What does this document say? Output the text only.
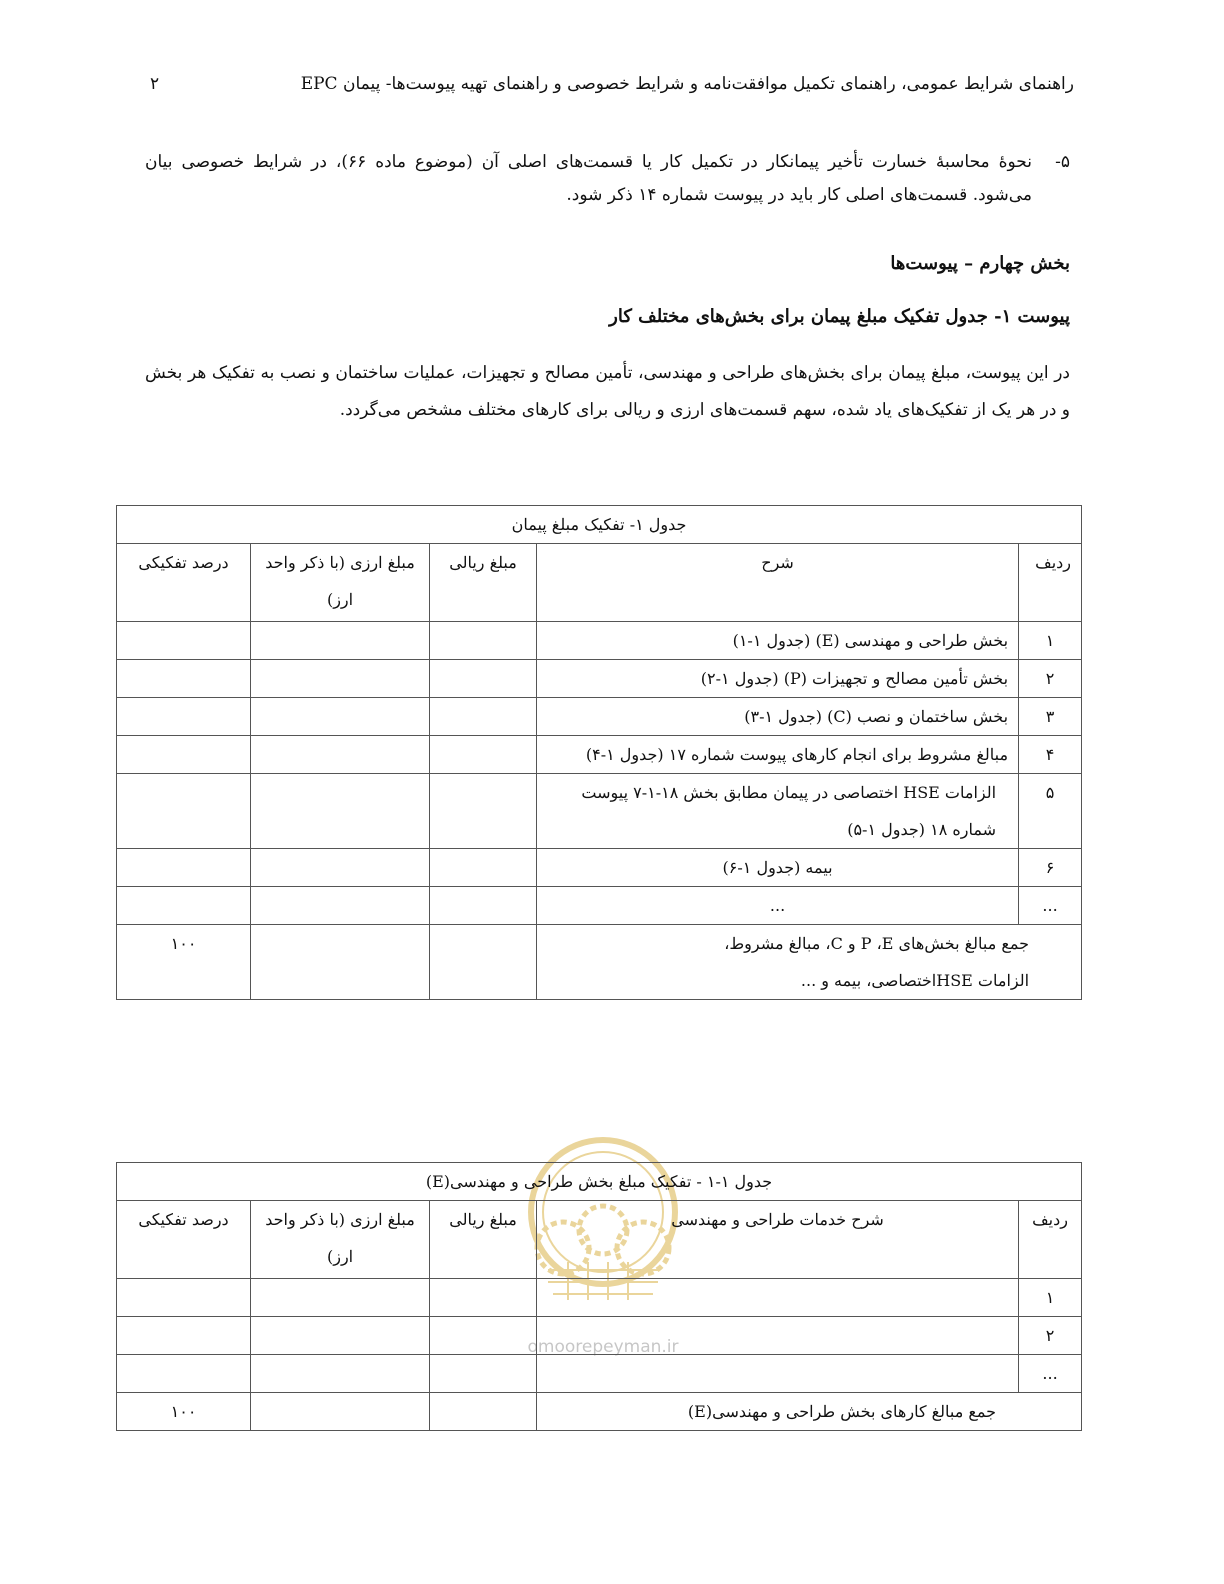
راهنمای شرایط عمومی، راهنمای تکمیل موافقت‌نامه و شرایط خصوصی و راهنمای تهیه پیوست‌ها- پیمان EPC
۲
۵-
نحوهٔ محاسبهٔ خسارت تأخیر پیمانکار در تکمیل کار یا قسمت‌های اصلی آن (موضوع ماده ۶۶)، در شرایط خصوصی بیان می‌شود. قسمت‌های اصلی کار باید در پیوست شماره ۱۴ ذکر شود.
بخش چهارم – پیوست‌ها
پیوست ۱- جدول تفکیک مبلغ پیمان برای بخش‌های مختلف کار
در این پیوست، مبلغ پیمان برای بخش‌های طراحی و مهندسی، تأمین مصالح و تجهیزات، عملیات ساختمان و نصب به تفکیک هر بخش و در هر یک از تفکیک‌های یاد شده، سهم قسمت‌های ارزی و ریالی برای کارهای مختلف مشخص می‌گردد.
جدول ۱- تفکیک مبلغ پیمان				
ردیف	شرح	مبلغ ریالی	مبلغ ارزی (با ذکر واحد ارز)	درصد تفکیکی
۱	بخش طراحی و مهندسی (E) (جدول ۱-۱)			
۲	بخش تأمین مصالح و تجهیزات (P) (جدول ۱-۲)			
۳	بخش ساختمان و نصب (C) (جدول ۱-۳)			
۴	مبالغ مشروط برای انجام کارهای پیوست شماره ۱۷ (جدول ۱-۴)			
۵	الزامات HSE اختصاصی در پیمان مطابق بخش ۱۸-۱-۷ پیوست شماره ۱۸ (جدول ۱-۵)			
۶	بیمه (جدول ۱-۶)			
...	...			
جمع مبالغ بخش‌های P ،E و C، مبالغ مشروط، الزامات HSEاختصاصی، بیمه و ...				۱۰۰
omoorepeyman.ir
جدول ۱-۱ - تفکیک مبلغ بخش طراحی و مهندسی(E)				
ردیف	شرح خدمات طراحی و مهندسی	مبلغ ریالی	مبلغ ارزی (با ذکر واحد ارز)	درصد تفکیکی
۱				
۲				
...				
جمع مبالغ کارهای بخش طراحی و مهندسی(E)				۱۰۰
